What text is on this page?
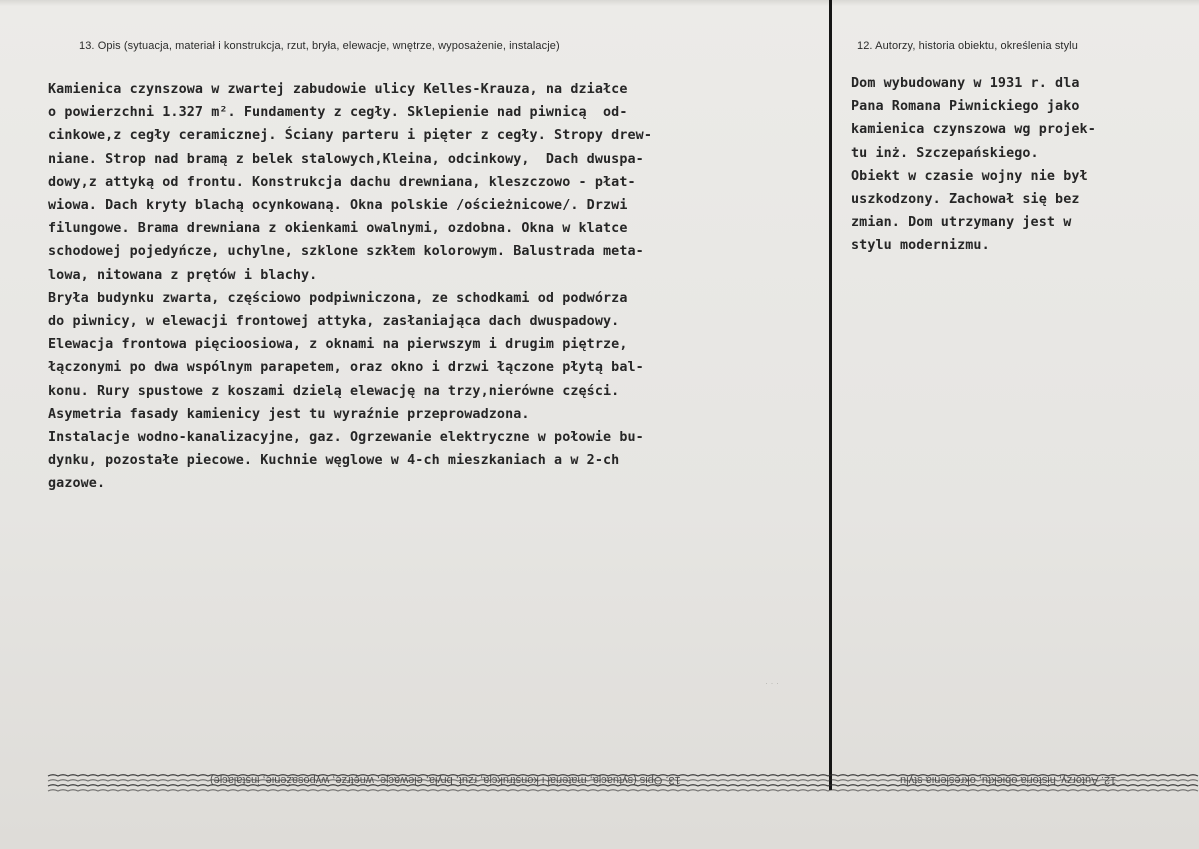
13. Opis (sytuacja, materiał i konstrukcja, rzut, bryła, elewacje, wnętrze, wyposażenie, instalacje)	12. Autorzy, historia obiektu, określenia stylu
Kamienica czynszowa w zwartej zabudowie ulicy Kelles-Krauza, na działce
o powierzchni 1.327 m². Fundamenty z cegły. Sklepienie nad piwnicą  od-
cinkowe,z cegły ceramicznej. Ściany parteru i pięter z cegły. Stropy drew-
niane. Strop nad bramą z belek stalowych,Kleina, odcinkowy,  Dach dwuspa-
dowy,z attyką od frontu. Konstrukcja dachu drewniana, kleszczowo - płat-
wiowa. Dach kryty blachą ocynkowaną. Okna polskie /ościeżnicowe/. Drzwi
filungowe. Brama drewniana z okienkami owalnymi, ozdobna. Okna w klatce
schodowej pojedyńcze, uchylne, szklone szkłem kolorowym. Balustrada meta-
lowa, nitowana z prętów i blachy.
Bryła budynku zwarta, częściowo podpiwniczona, ze schodkami od podwórza
do piwnicy, w elewacji frontowej attyka, zasłaniająca dach dwuspadowy.
Elewacja frontowa pięcioosiowa, z oknami na pierwszym i drugim piętrze,
łączonymi po dwa wspólnym parapetem, oraz okno i drzwi łączone płytą bal-
konu. Rury spustowe z koszami dzielą elewację na trzy,nierówne części.
Asymetria fasady kamienicy jest tu wyraźnie przeprowadzona.
Instalacje wodno-kanalizacyjne, gaz. Ogrzewanie elektryczne w połowie bu-
dynku, pozostałe piecowe. Kuchnie węglowe w 4-ch mieszkaniach a w 2-ch
gazowe.
Dom wybudowany w 1931 r. dla
Pana Romana Piwnickiego jako
kamienica czynszowa wg projek-
tu inż. Szczepańskiego.
Obiekt w czasie wojny nie był
uszkodzony. Zachował się bez
zmian. Dom utrzymany jest w
stylu modernizmu.
· · ·
13. Opis (sytuacja, materiał i konstrukcja, rzut, bryła, elewacje, wnętrze, wyposażenie, instalacje)	12. Autorzy, historia obiektu, określenia stylu
